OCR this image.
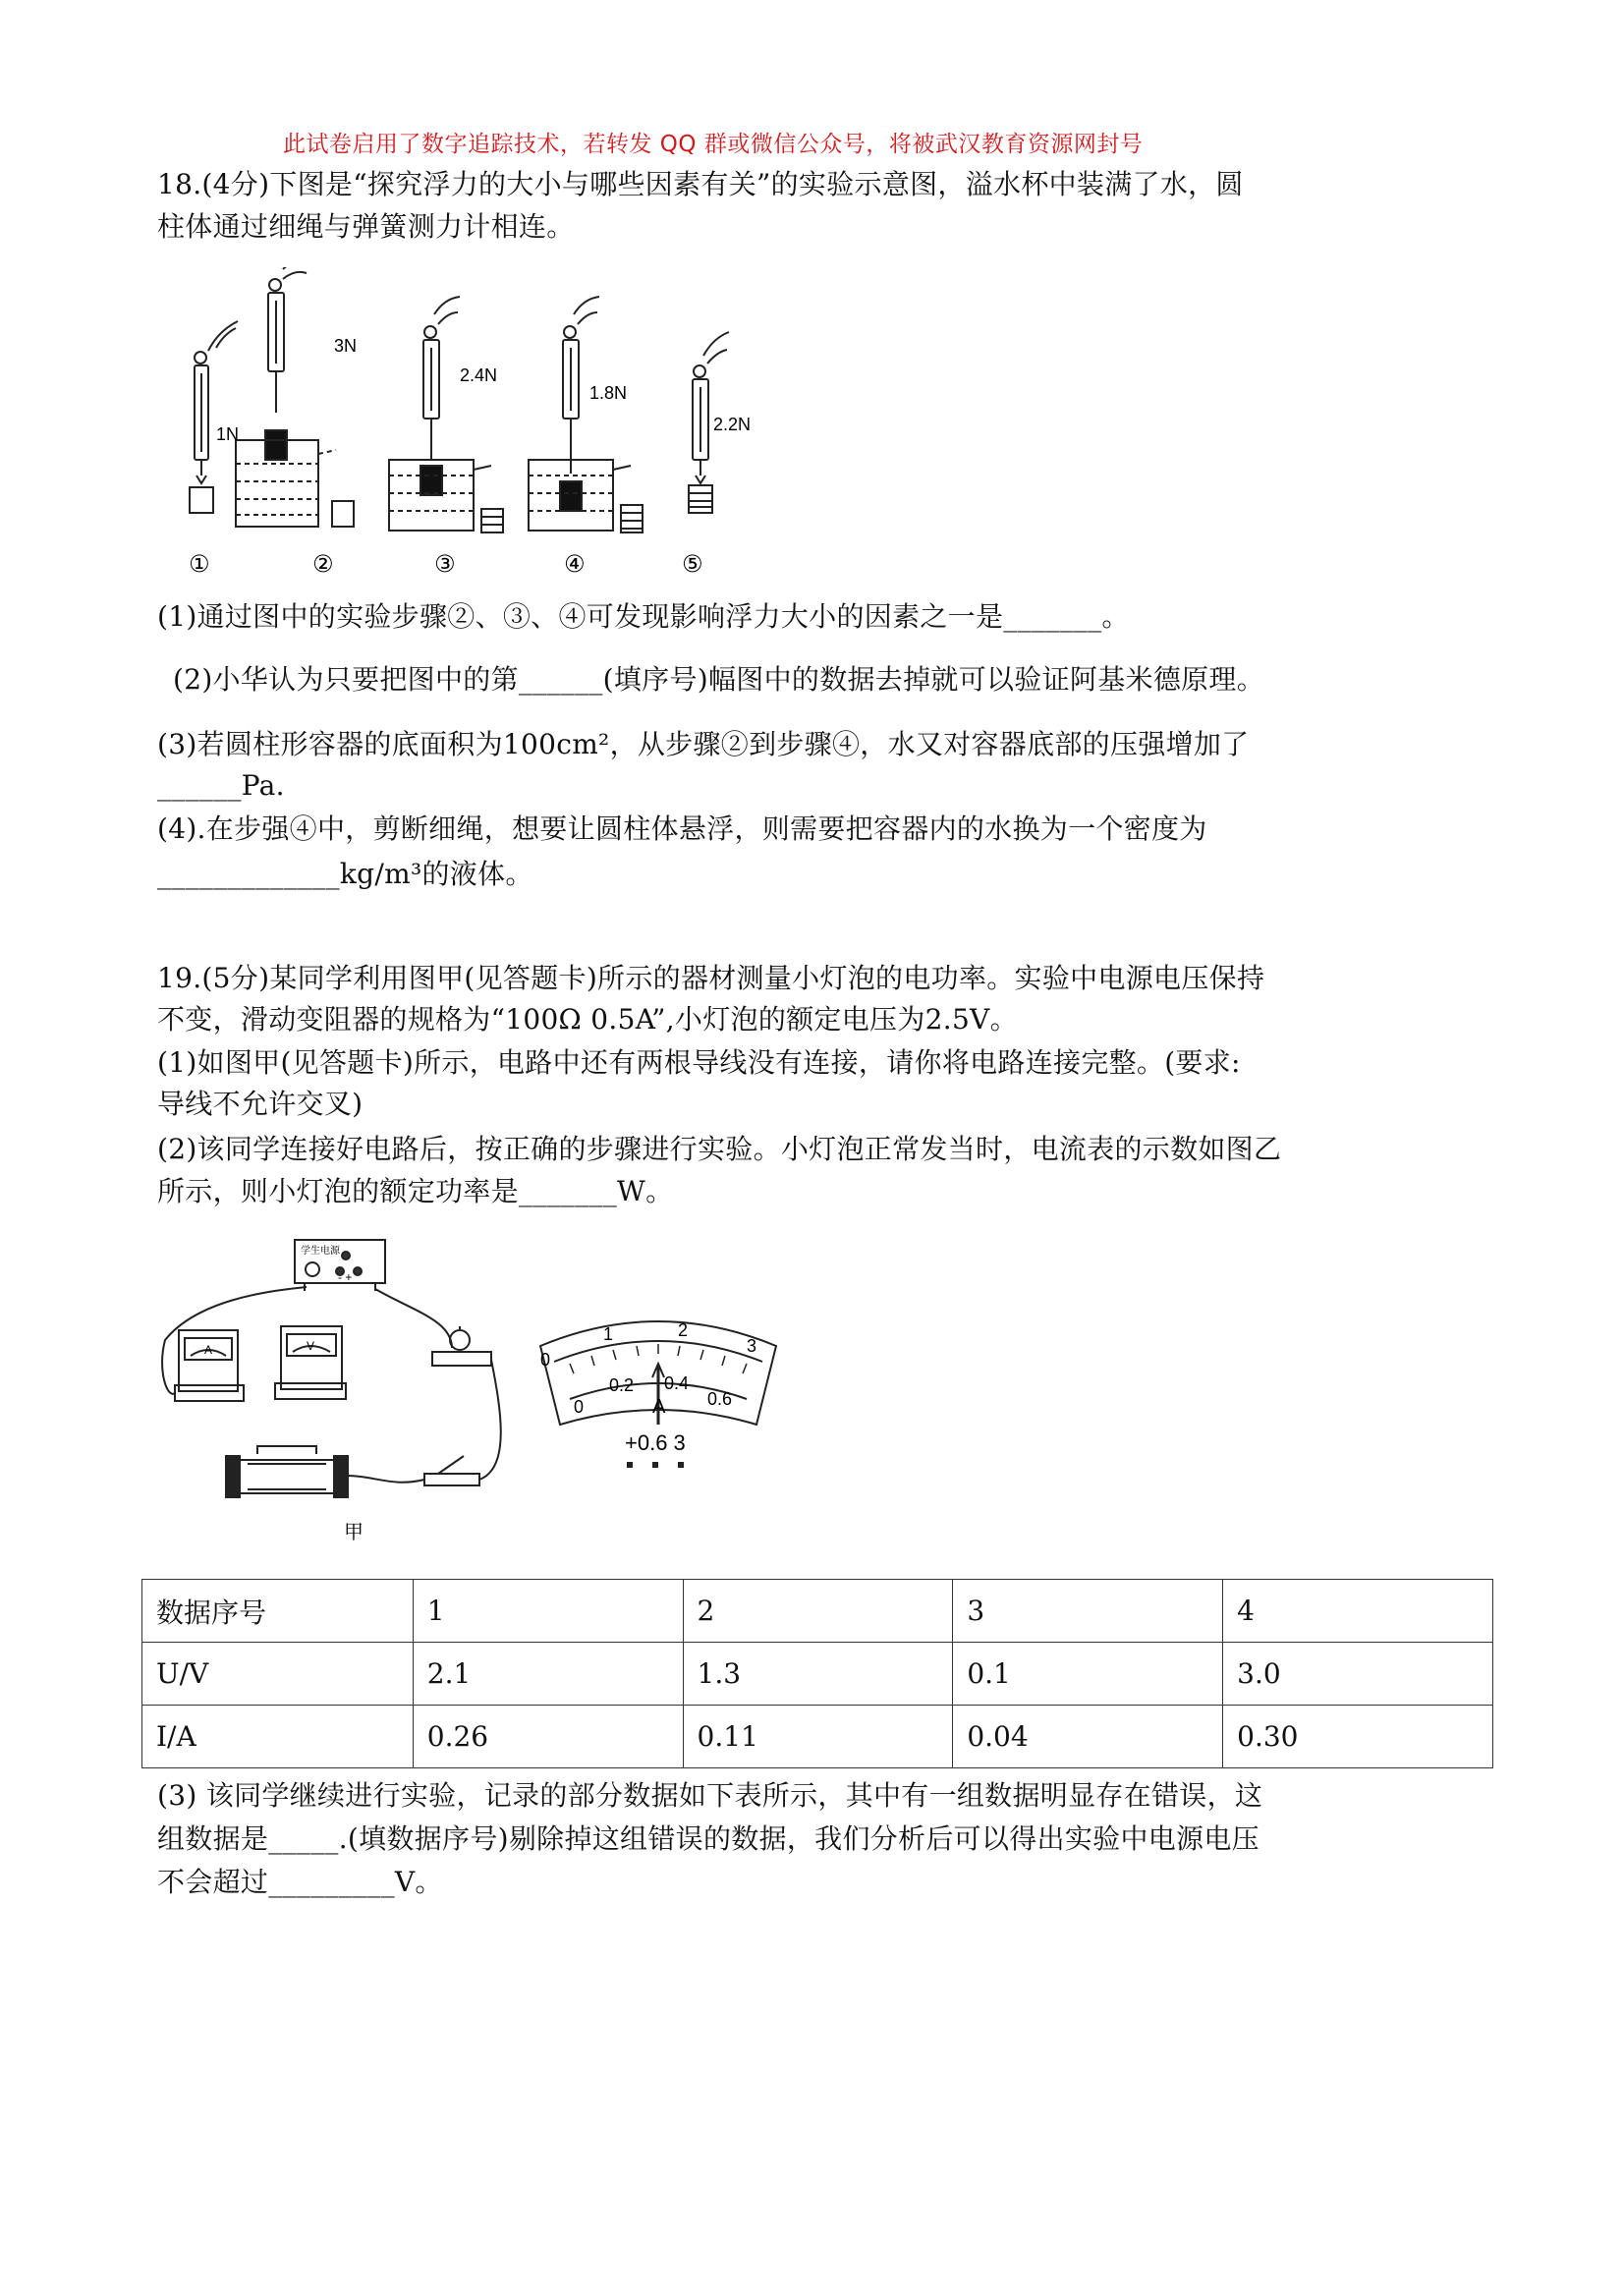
此试卷启用了数字追踪技术，若转发 QQ 群或微信公众号，将被武汉教育资源网封号
18.(4分)下图是“探究浮力的大小与哪些因素有关”的实验示意图，溢水杯中装满了水，圆
柱体通过细绳与弹簧测力计相连。
1N
3N
2.4N
1.8N
2.2N
①	②	③	④	⑤
(1)通过图中的实验步骤②、③、④可发现影响浮力大小的因素之一是_______。
(2)小华认为只要把图中的第______(填序号)幅图中的数据去掉就可以验证阿基米德原理。
(3)若圆柱形容器的底面积为100cm²，从步骤②到步骤④，水又对容器底部的压强增加了
______Pa.
(4).在步强④中，剪断细绳，想要让圆柱体悬浮，则需要把容器内的水换为一个密度为
_____________kg/m³的液体。
19.(5分)某同学利用图甲(见答题卡)所示的器材测量小灯泡的电功率。实验中电源电压保持
不变，滑动变阻器的规格为“100Ω 0.5A”,小灯泡的额定电压为2.5V。
(1)如图甲(见答题卡)所示，电路中还有两根导线没有连接，请你将电路连接完整。(要求:
导线不允许交叉)
(2)该同学连接好电路后，按正确的步骤进行实验。小灯泡正常发当时，电流表的示数如图乙
所示，则小灯泡的额定功率是_______W。
学生电源
- +
A	V
甲
0
1	2
3
0
0.2 0.4
0.6
A
+0.6 3
数据序号	1	2	3	4
U/V	2.1	1.3	0.1	3.0
I/A	0.26	0.11	0.04	0.30
(3) 该同学继续进行实验，记录的部分数据如下表所示，其中有一组数据明显存在错误，这
组数据是_____.(填数据序号)剔除掉这组错误的数据，我们分析后可以得出实验中电源电压
不会超过_________V。
